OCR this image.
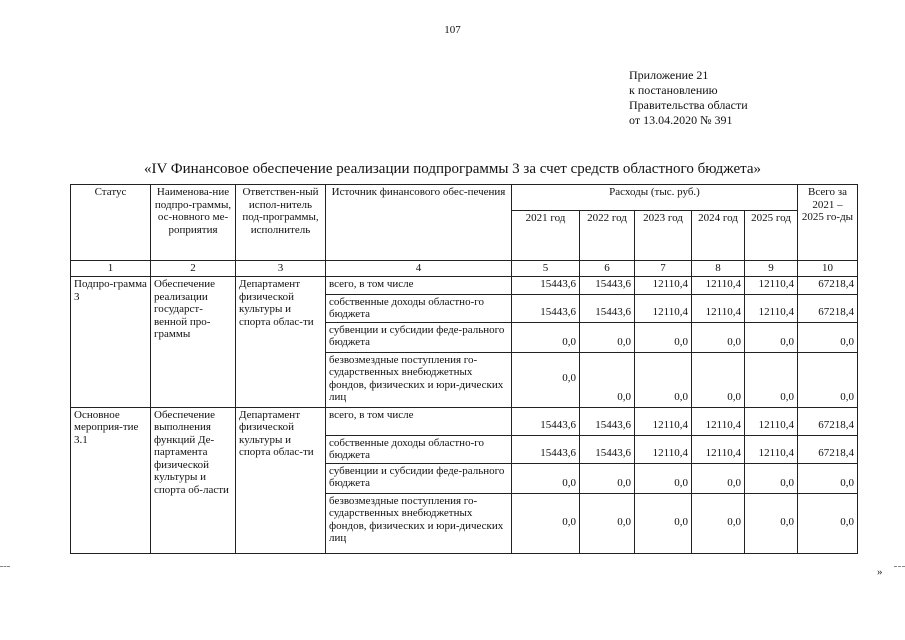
107
Приложение 21
к постановлению
Правительства области
от 13.04.2020 № 391
«IV Финансовое обеспечение реализации подпрограммы 3 за счет средств областного бюджета»
Статус	Наименова-ние подпро-граммы, ос-новного ме-роприятия	Ответствен-ный испол-нитель под-программы, исполнитель	Источник финансового обес-печения	Расходы (тыс. руб.)					Всего за 2021 – 2025 го-ды
				2021 год	2022 год	2023 год	2024 год	2025 год	
1	2	3	4	5	6	7	8	9	10
Подпро-грамма 3	Обеспечение реализации государст-венной про-граммы	Департамент физической культуры и спорта облас-ти	всего, в том числе	15443,6	15443,6	12110,4	12110,4	12110,4	67218,4
			собственные доходы областно-го бюджета	15443,6	15443,6	12110,4	12110,4	12110,4	67218,4
			субвенции и субсидии феде-рального бюджета	0,0	0,0	0,0	0,0	0,0	0,0
			безвозмездные поступления го-сударственных внебюджетных фондов, физических и юри-дических лиц	0,0	0,0	0,0	0,0	0,0	0,0
Основное мероприя-тие 3.1	Обеспечение выполнения функций Де-партамента физической культуры и спорта об-ласти	Департамент физической культуры и спорта облас-ти	всего, в том числе	15443,6	15443,6	12110,4	12110,4	12110,4	67218,4
			собственные доходы областно-го бюджета	15443,6	15443,6	12110,4	12110,4	12110,4	67218,4
			субвенции и субсидии феде-рального бюджета	0,0	0,0	0,0	0,0	0,0	0,0
			безвозмездные поступления го-сударственных внебюджетных фондов, физических и юри-дических лиц	0,0	0,0	0,0	0,0	0,0	0,0
»
